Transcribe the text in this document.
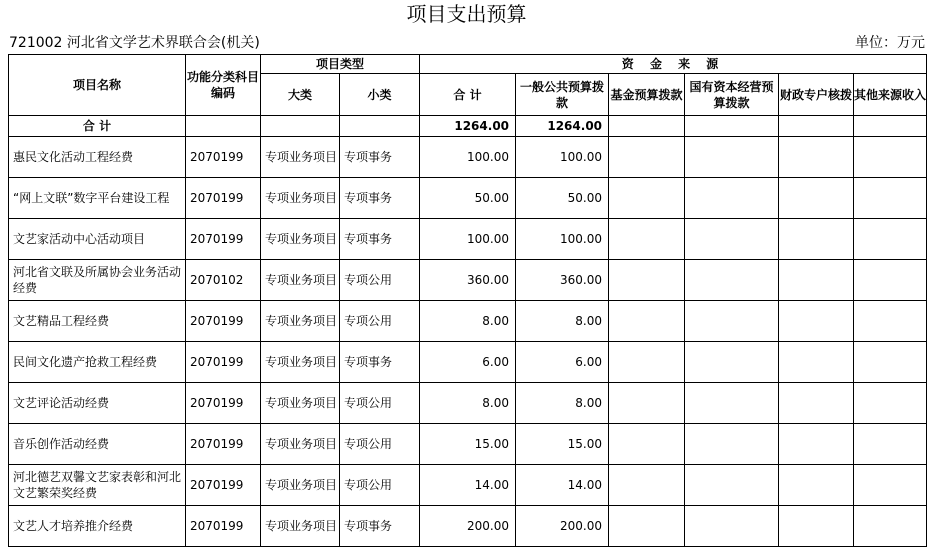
项目支出预算
721002 河北省文学艺术界联合会(机关)	单位：万元
项目名称	功能分类科目编码	项目类型		资 金 来 源					
		大类	小类	合 计	一般公共预算拨款	基金预算拨款	国有资本经营预算拨款	财政专户核拨	其他来源收入
合 计				1264.00	1264.00				
惠民文化活动工程经费	2070199	专项业务项目	专项事务	100.00	100.00				
“网上文联”数字平台建设工程	2070199	专项业务项目	专项事务	50.00	50.00				
文艺家活动中心活动项目	2070199	专项业务项目	专项事务	100.00	100.00				
河北省文联及所属协会业务活动经费	2070102	专项业务项目	专项公用	360.00	360.00				
文艺精品工程经费	2070199	专项业务项目	专项公用	8.00	8.00				
民间文化遗产抢救工程经费	2070199	专项业务项目	专项事务	6.00	6.00				
文艺评论活动经费	2070199	专项业务项目	专项公用	8.00	8.00				
音乐创作活动经费	2070199	专项业务项目	专项公用	15.00	15.00				
河北德艺双馨文艺家表彰和河北文艺繁荣奖经费	2070199	专项业务项目	专项公用	14.00	14.00				
文艺人才培养推介经费	2070199	专项业务项目	专项事务	200.00	200.00				
